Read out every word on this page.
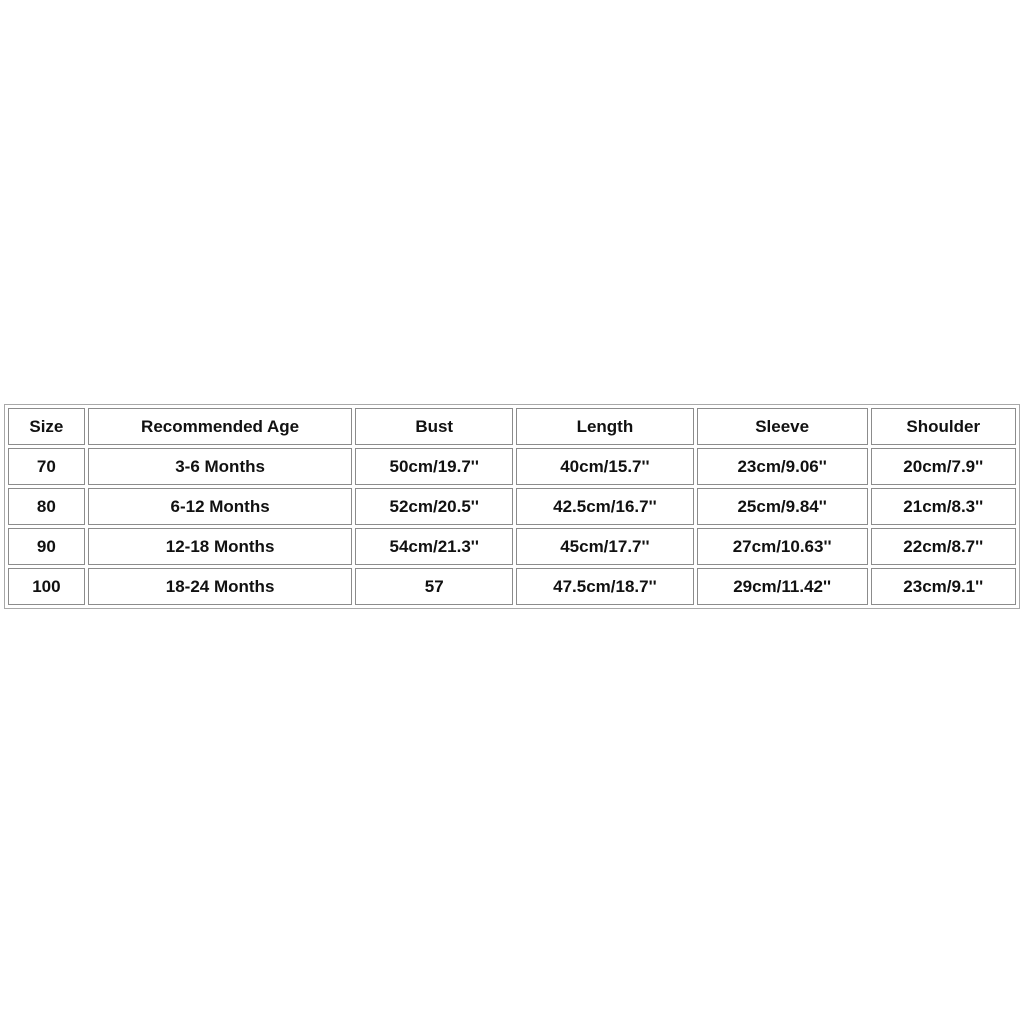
Size	Recommended Age	Bust	Length	Sleeve	Shoulder
70	3-6 Months	50cm/19.7''	40cm/15.7''	23cm/9.06''	20cm/7.9''
80	6-12 Months	52cm/20.5''	42.5cm/16.7''	25cm/9.84''	21cm/8.3''
90	12-18 Months	54cm/21.3''	45cm/17.7''	27cm/10.63''	22cm/8.7''
100	18-24 Months	57	47.5cm/18.7''	29cm/11.42''	23cm/9.1''
